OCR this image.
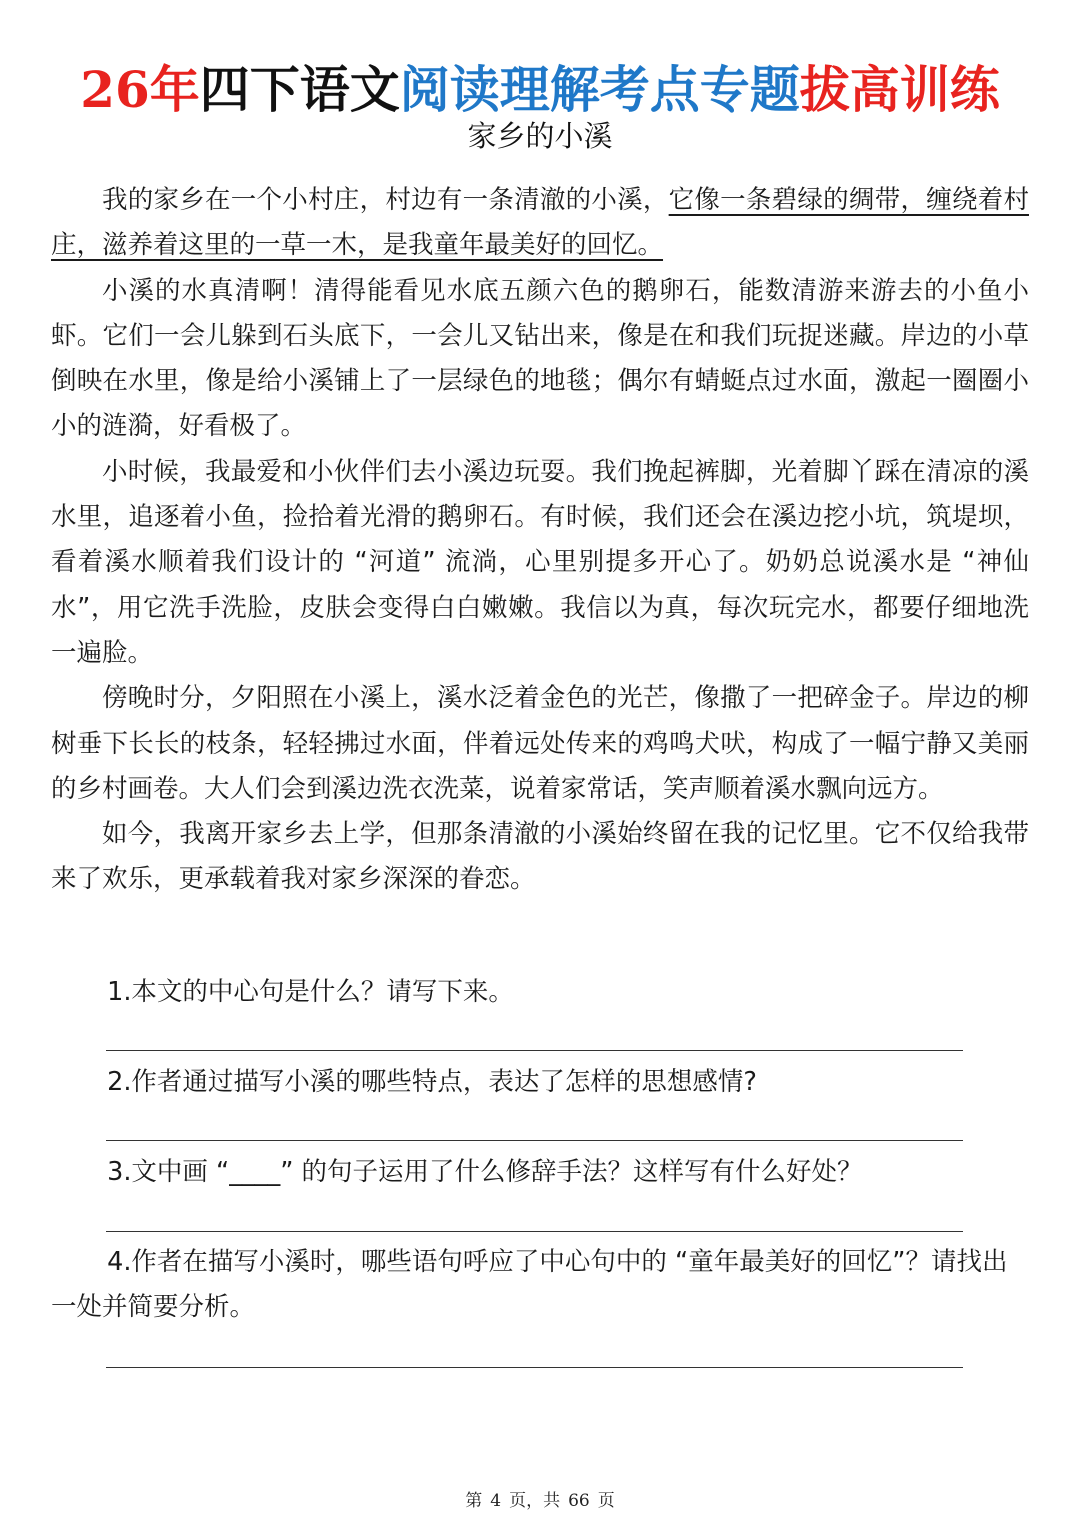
26年四下语文阅读理解考点专题拔高训练
家乡的小溪

我的家乡在一个小村庄，村边有一条清澈的小溪，它像一条碧绿的绸带，缠绕着村庄，滋养着这里的一草一木，是我童年最美好的回忆。

小溪的水真清啊！清得能看见水底五颜六色的鹅卵石，能数清游来游去的小鱼小虾。它们一会儿躲到石头底下，一会儿又钻出来，像是在和我们玩捉迷藏。岸边的小草倒映在水里，像是给小溪铺上了一层绿色的地毯；偶尔有蜻蜓点过水面，激起一圈圈小小的涟漪，好看极了。

小时候，我最爱和小伙伴们去小溪边玩耍。我们挽起裤脚，光着脚丫踩在清凉的溪水里，追逐着小鱼，捡拾着光滑的鹅卵石。有时候，我们还会在溪边挖小坑，筑堤坝，看着溪水顺着我们设计的 “河道” 流淌，心里别提多开心了。奶奶总说溪水是 “神仙水”，用它洗手洗脸，皮肤会变得白白嫩嫩。我信以为真，每次玩完水，都要仔细地洗一遍脸。

傍晚时分，夕阳照在小溪上，溪水泛着金色的光芒，像撒了一把碎金子。岸边的柳树垂下长长的枝条，轻轻拂过水面，伴着远处传来的鸡鸣犬吠，构成了一幅宁静又美丽的乡村画卷。大人们会到溪边洗衣洗菜，说着家常话，笑声顺着溪水飘向远方。

如今，我离开家乡去上学，但那条清澈的小溪始终留在我的记忆里。它不仅给我带来了欢乐，更承载着我对家乡深深的眷恋。

1.本文的中心句是什么？请写下来。

2.作者通过描写小溪的哪些特点，表达了怎样的思想感情?

3.文中画 “____” 的句子运用了什么修辞手法？这样写有什么好处？

4.作者在描写小溪时，哪些语句呼应了中心句中的 “童年最美好的回忆”？请找出一处并简要分析。

第 4 页，共 66 页
